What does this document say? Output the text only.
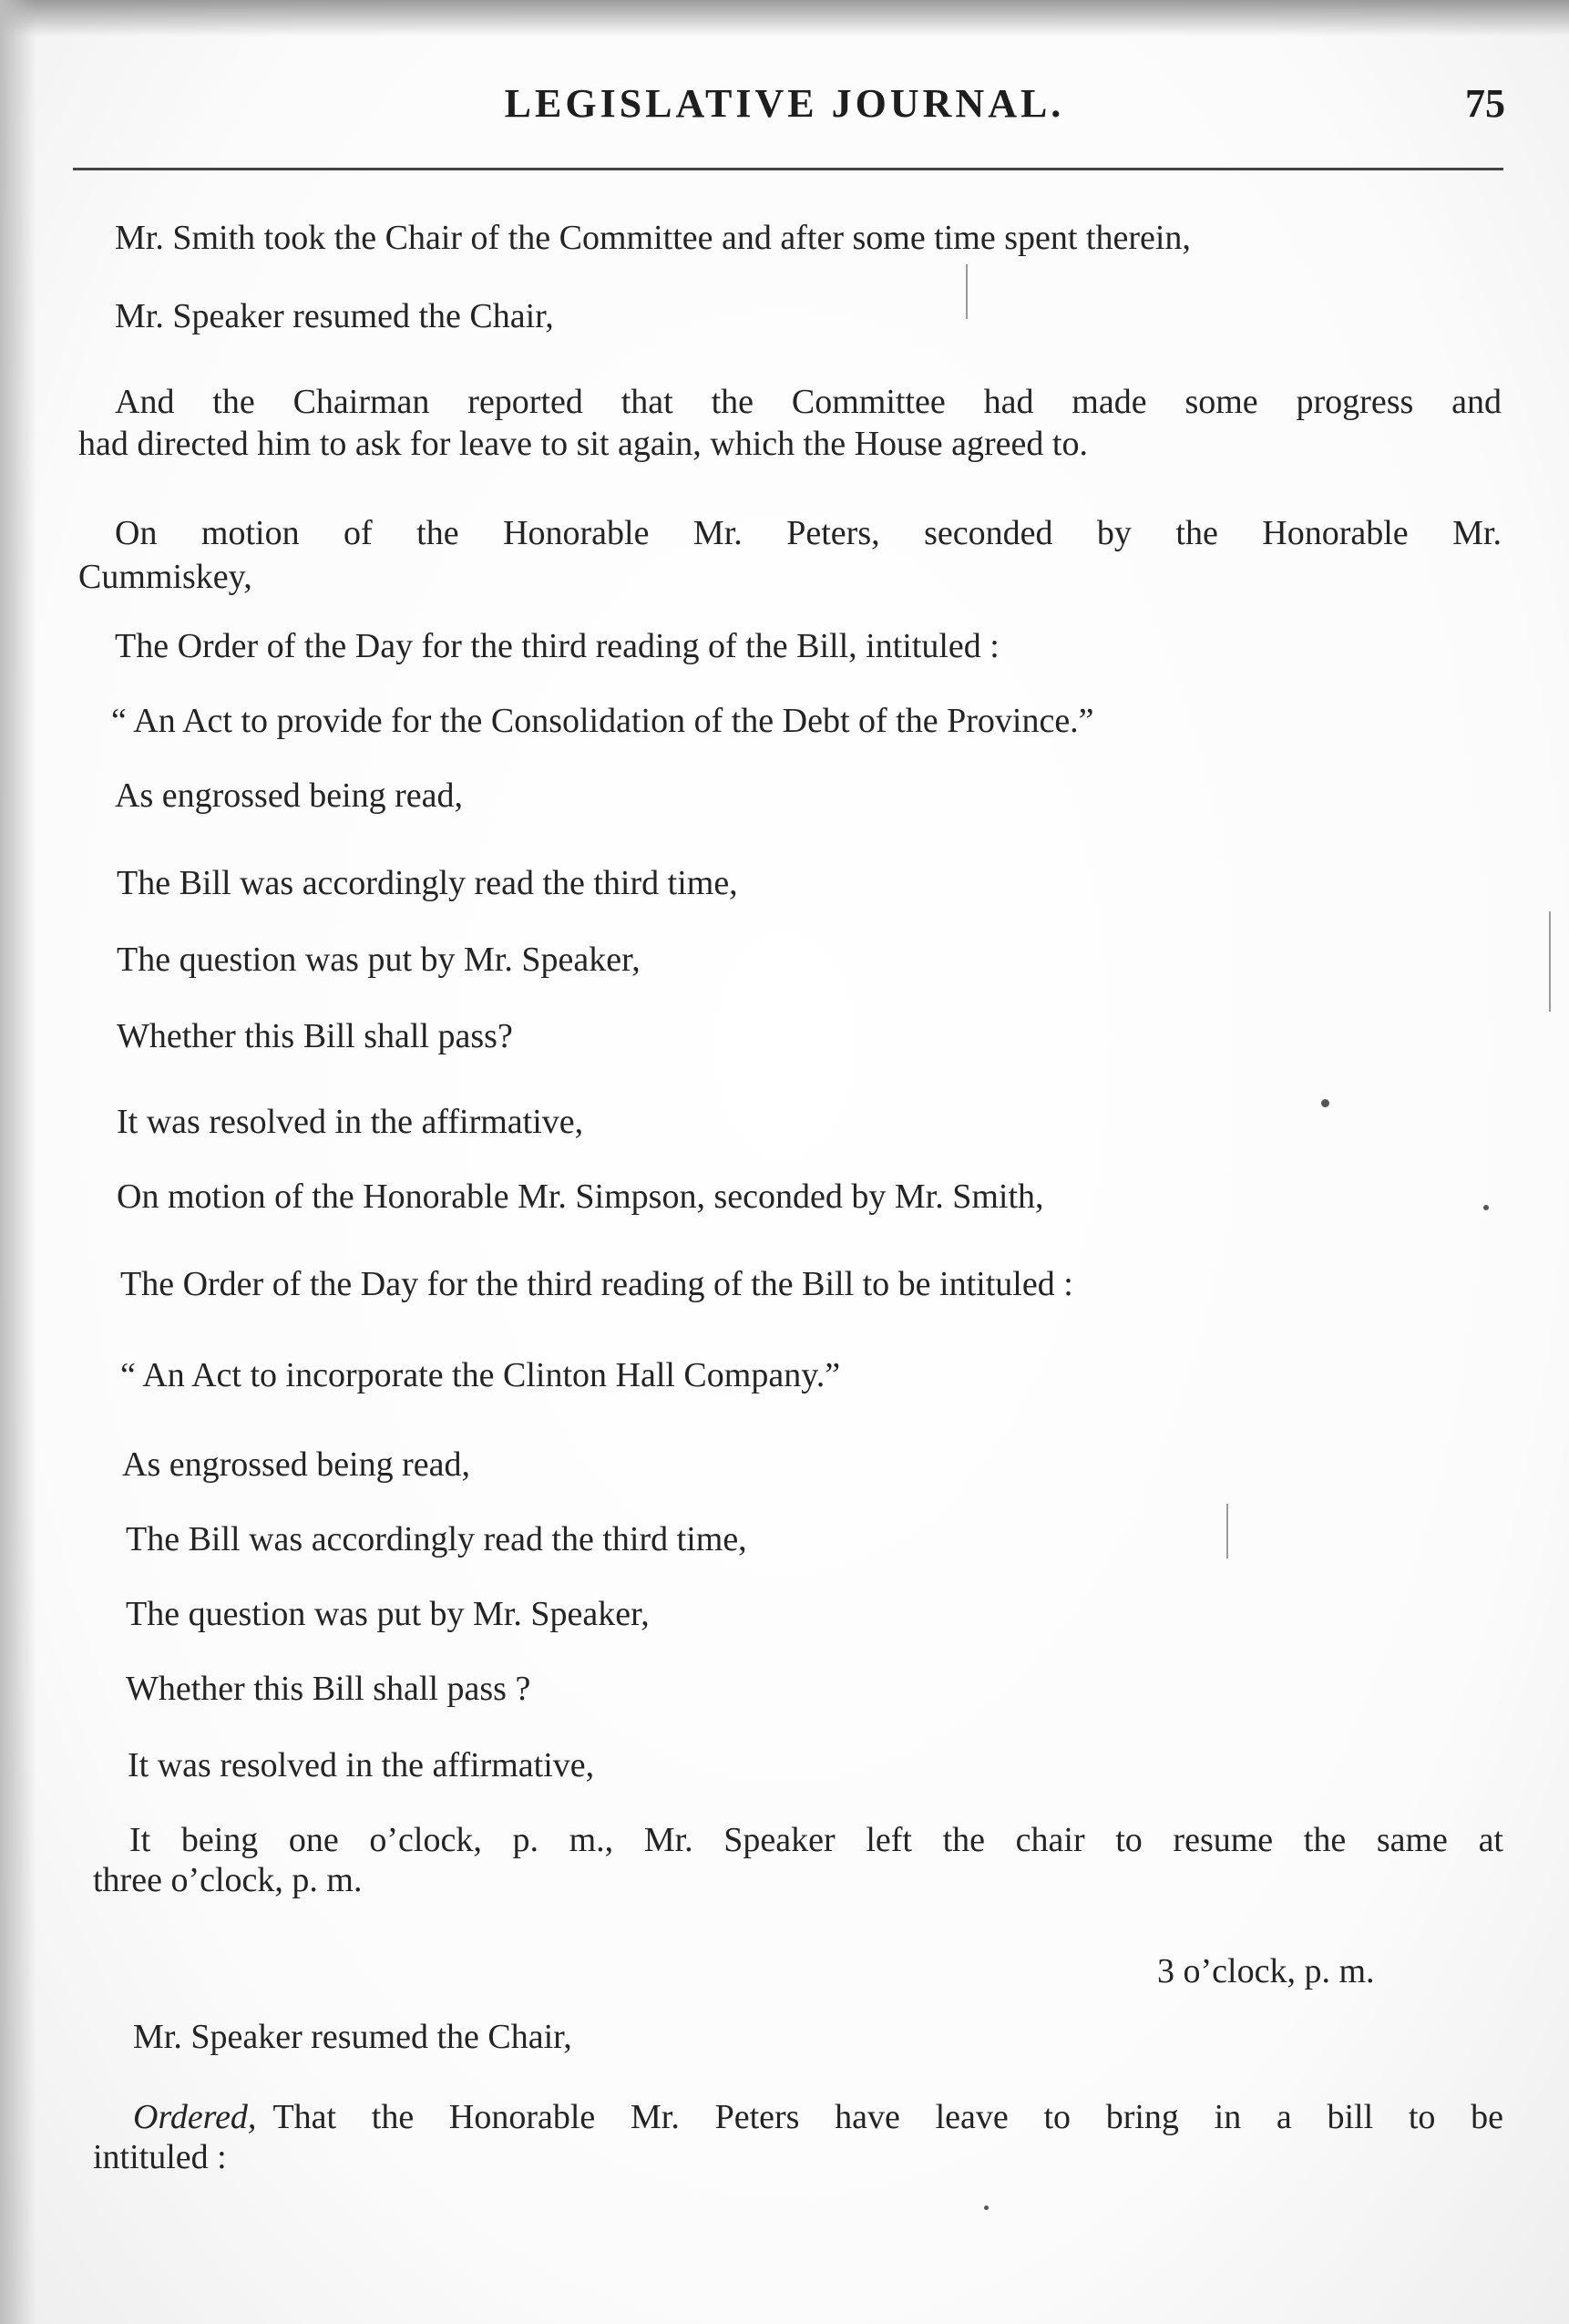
LEGISLATIVE JOURNAL.	75
Mr. Smith took the Chair of the Committee and after some time spent therein,
Mr. Speaker resumed the Chair,
And the Chairman reported that the Committee had made some progress and
had directed him to ask for leave to sit again, which the House agreed to.
On motion of the Honorable Mr. Peters, seconded by the Honorable Mr.
Cummiskey,
The Order of the Day for the third reading of the Bill, intituled :
“ An Act to provide for the Consolidation of the Debt of the Province.”
As engrossed being read,
The Bill was accordingly read the third time,
The question was put by Mr. Speaker,
Whether this Bill shall pass?
It was resolved in the affirmative,
On motion of the Honorable Mr. Simpson, seconded by Mr. Smith,
The Order of the Day for the third reading of the Bill to be intituled :
“ An Act to incorporate the Clinton Hall Company.”
As engrossed being read,
The Bill was accordingly read the third time,
The question was put by Mr. Speaker,
Whether this Bill shall pass ?
It was resolved in the affirmative,
It being one o’clock, p. m., Mr. Speaker left the chair to resume the same at
three o’clock, p. m.
3 o’clock, p. m.
Mr. Speaker resumed the Chair,
Ordered, That the Honorable Mr. Peters have leave to bring in a bill to be
intituled :
